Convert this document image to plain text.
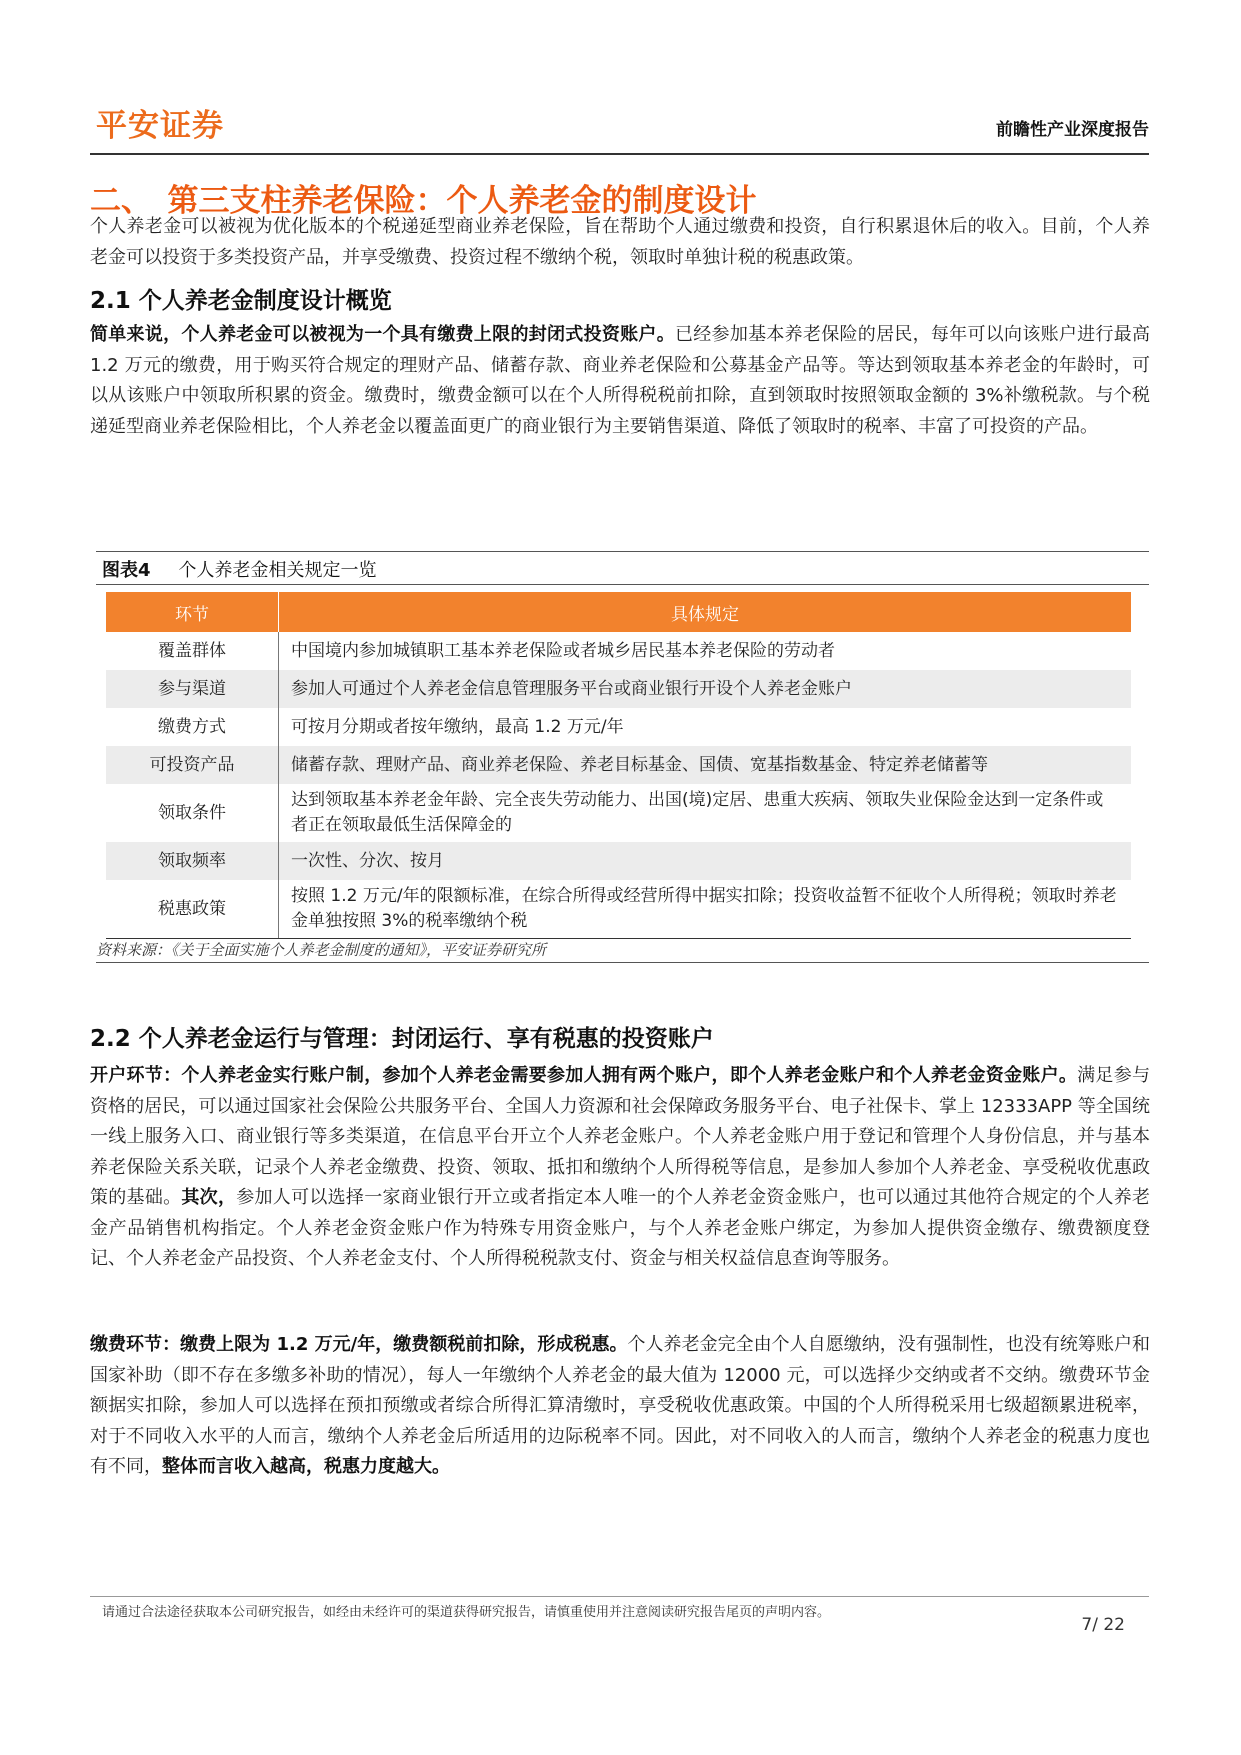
平安证券	前瞻性产业深度报告
二、　第三支柱养老保险：个人养老金的制度设计
个人养老金可以被视为优化版本的个税递延型商业养老保险，旨在帮助个人通过缴费和投资，自行积累退休后的收入。目前，个人养老金可以投资于多类投资产品，并享受缴费、投资过程不缴纳个税，领取时单独计税的税惠政策。
2.1 个人养老金制度设计概览
简单来说，个人养老金可以被视为一个具有缴费上限的封闭式投资账户。已经参加基本养老保险的居民，每年可以向该账户进行最高 1.2 万元的缴费，用于购买符合规定的理财产品、储蓄存款、商业养老保险和公募基金产品等。等达到领取基本养老金的年龄时，可以从该账户中领取所积累的资金。缴费时，缴费金额可以在个人所得税税前扣除，直到领取时按照领取金额的 3%补缴税款。与个税递延型商业养老保险相比，个人养老金以覆盖面更广的商业银行为主要销售渠道、降低了领取时的税率、丰富了可投资的产品。
图表4 个人养老金相关规定一览
环节	具体规定
覆盖群体	中国境内参加城镇职工基本养老保险或者城乡居民基本养老保险的劳动者
参与渠道	参加人可通过个人养老金信息管理服务平台或商业银行开设个人养老金账户
缴费方式	可按月分期或者按年缴纳，最高 1.2 万元/年
可投资产品	储蓄存款、理财产品、商业养老保险、养老目标基金、国债、宽基指数基金、特定养老储蓄等
领取条件	达到领取基本养老金年龄、完全丧失劳动能力、出国(境)定居、患重大疾病、领取失业保险金达到一定条件或者正在领取最低生活保障金的
领取频率	一次性、分次、按月
税惠政策	按照 1.2 万元/年的限额标准，在综合所得或经营所得中据实扣除；投资收益暂不征收个人所得税；领取时养老金单独按照 3%的税率缴纳个税
资料来源：《关于全面实施个人养老金制度的通知》，平安证券研究所
2.2 个人养老金运行与管理：封闭运行、享有税惠的投资账户
开户环节：个人养老金实行账户制，参加个人养老金需要参加人拥有两个账户，即个人养老金账户和个人养老金资金账户。满足参与资格的居民，可以通过国家社会保险公共服务平台、全国人力资源和社会保障政务服务平台、电子社保卡、掌上 12333APP 等全国统一线上服务入口、商业银行等多类渠道，在信息平台开立个人养老金账户。个人养老金账户用于登记和管理个人身份信息，并与基本养老保险关系关联，记录个人养老金缴费、投资、领取、抵扣和缴纳个人所得税等信息，是参加人参加个人养老金、享受税收优惠政策的基础。其次，参加人可以选择一家商业银行开立或者指定本人唯一的个人养老金资金账户，也可以通过其他符合规定的个人养老金产品销售机构指定。个人养老金资金账户作为特殊专用资金账户，与个人养老金账户绑定，为参加人提供资金缴存、缴费额度登记、个人养老金产品投资、个人养老金支付、个人所得税税款支付、资金与相关权益信息查询等服务。
缴费环节：缴费上限为 1.2 万元/年，缴费额税前扣除，形成税惠。个人养老金完全由个人自愿缴纳，没有强制性，也没有统筹账户和国家补助（即不存在多缴多补助的情况），每人一年缴纳个人养老金的最大值为 12000 元，可以选择少交纳或者不交纳。缴费环节金额据实扣除，参加人可以选择在预扣预缴或者综合所得汇算清缴时，享受税收优惠政策。中国的个人所得税采用七级超额累进税率，对于不同收入水平的人而言，缴纳个人养老金后所适用的边际税率不同。因此，对不同收入的人而言，缴纳个人养老金的税惠力度也有不同，整体而言收入越高，税惠力度越大。
请通过合法途径获取本公司研究报告，如经由未经许可的渠道获得研究报告，请慎重使用并注意阅读研究报告尾页的声明内容。
7/ 22
